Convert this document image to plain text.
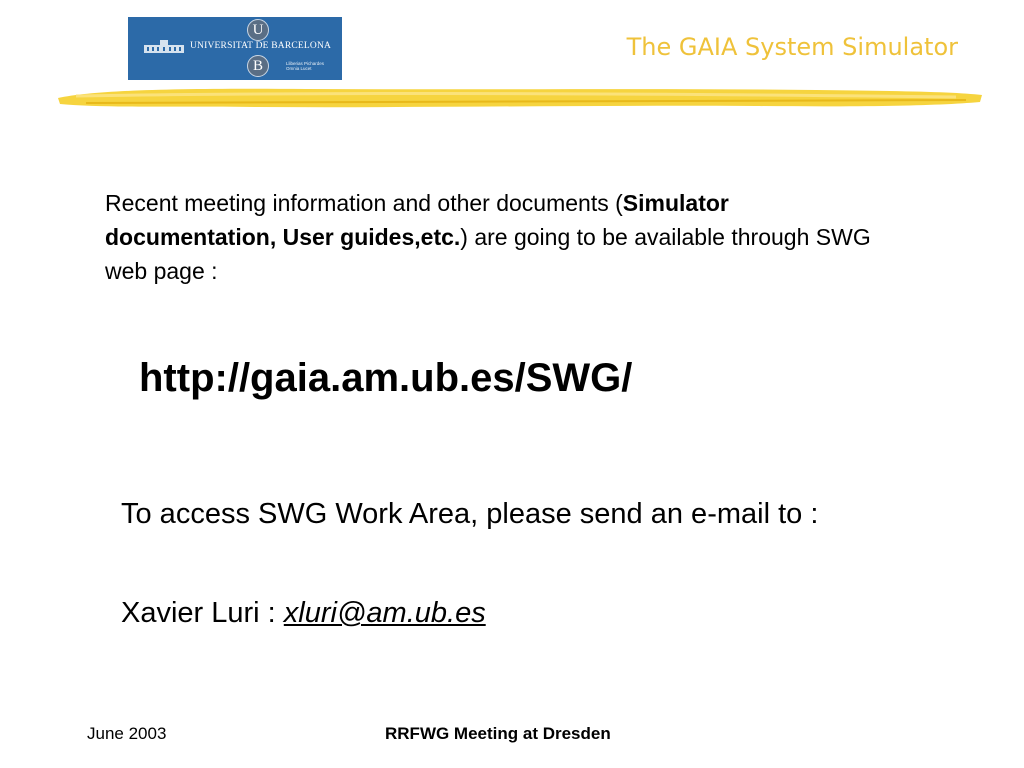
UNIVERSITAT DE BARCELONA
U
B	Lliberias Pichardes
Omnia Lucet
The GAIA System Simulator
Recent meeting information and other documents (Simulator documentation, User guides,etc.) are going to be available through SWG web page :
http://gaia.am.ub.es/SWG/
To access SWG Work Area, please send an e-mail to :
Xavier Luri : xluri@am.ub.es
June 2003	RRFWG Meeting at Dresden
